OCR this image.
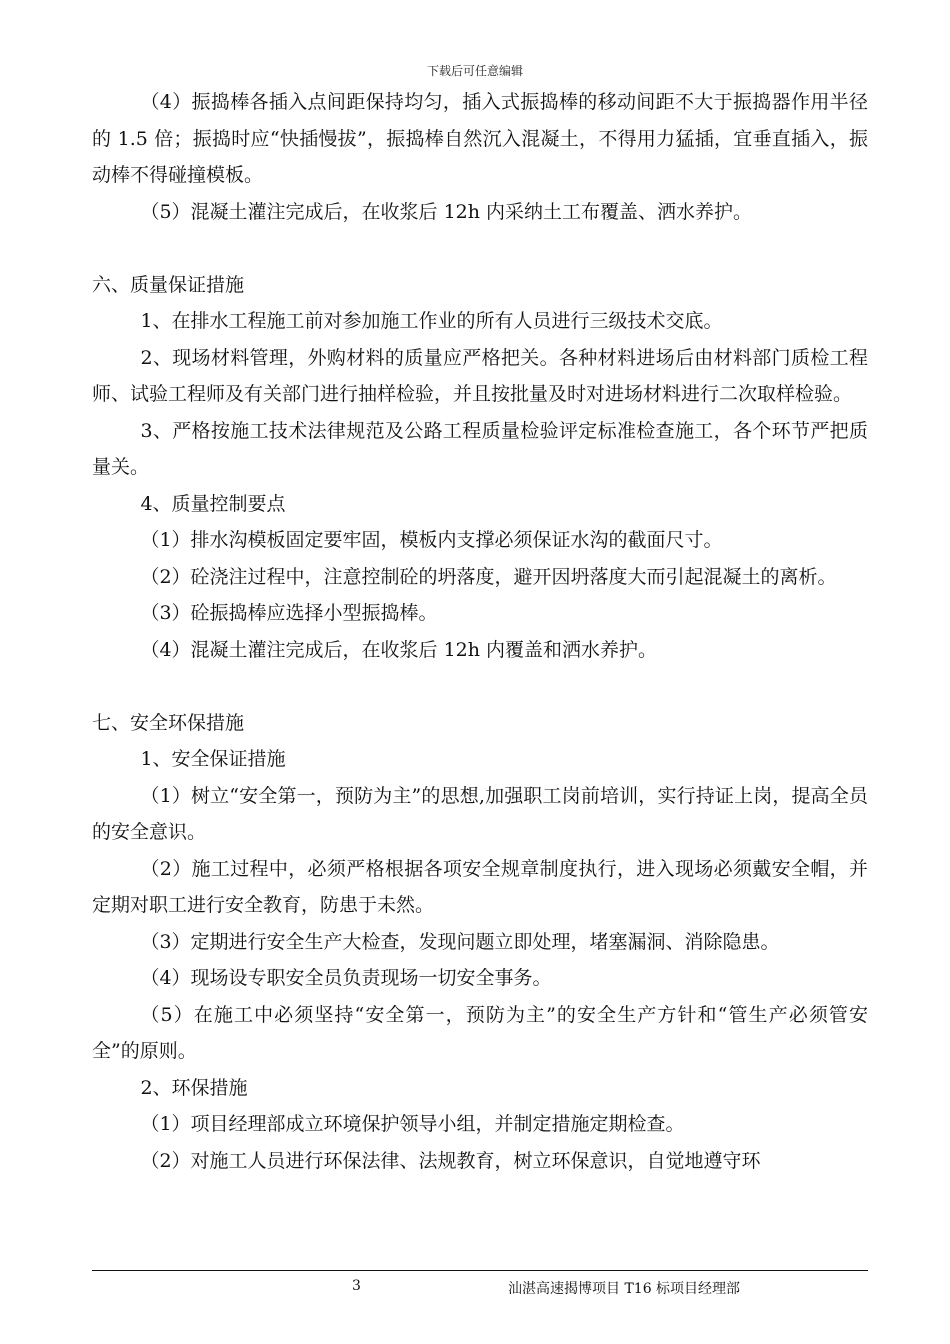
下载后可任意编辑

（4）振捣棒各插入点间距保持均匀，插入式振捣棒的移动间距不大于振捣器作用半径的 1.5 倍；振捣时应“快插慢拔”，振捣棒自然沉入混凝土，不得用力猛插，宜垂直插入，振动棒不得碰撞模板。

（5）混凝土灌注完成后，在收浆后 12h 内采纳土工布覆盖、洒水养护。

六、质量保证措施

1、在排水工程施工前对参加施工作业的所有人员进行三级技术交底。

2、现场材料管理，外购材料的质量应严格把关。各种材料进场后由材料部门质检工程师、试验工程师及有关部门进行抽样检验，并且按批量及时对进场材料进行二次取样检验。

3、严格按施工技术法律规范及公路工程质量检验评定标准检查施工，各个环节严把质量关。

4、质量控制要点

（1）排水沟模板固定要牢固，模板内支撑必须保证水沟的截面尺寸。

（2）砼浇注过程中，注意控制砼的坍落度，避开因坍落度大而引起混凝土的离析。

（3）砼振捣棒应选择小型振捣棒。

（4）混凝土灌注完成后，在收浆后 12h 内覆盖和洒水养护。

七、安全环保措施

1、安全保证措施

（1）树立“安全第一，预防为主”的思想,加强职工岗前培训，实行持证上岗，提高全员的安全意识。

（2）施工过程中，必须严格根据各项安全规章制度执行，进入现场必须戴安全帽，并定期对职工进行安全教育，防患于未然。

（3）定期进行安全生产大检查，发现问题立即处理，堵塞漏洞、消除隐患。

（4）现场设专职安全员负责现场一切安全事务。

（5）在施工中必须坚持“安全第一，预防为主”的安全生产方针和“管生产必须管安全”的原则。

2、环保措施

（1）项目经理部成立环境保护领导小组，并制定措施定期检查。

（2）对施工人员进行环保法律、法规教育，树立环保意识，自觉地遵守环

3	汕湛高速揭博项目 T16 标项目经理部
